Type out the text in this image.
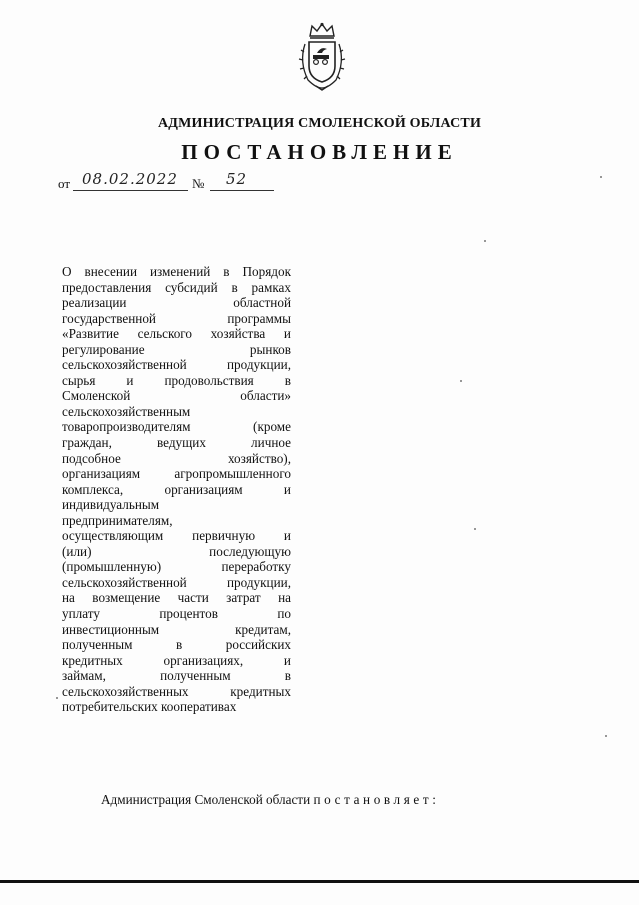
АДМИНИСТРАЦИЯ СМОЛЕНСКОЙ ОБЛАСТИ
ПОСТАНОВЛЕНИЕ
от 08.02.2022 № 52
О внесении изменений в Порядок
предоставления субсидий в рамках
реализации областной
государственной программы
«Развитие сельского хозяйства и
регулирование рынков
сельскохозяйственной продукции,
сырья и продовольствия в
Смоленской области»
сельскохозяйственным
товаропроизводителям (кроме
граждан, ведущих личное
подсобное хозяйство),
организациям агропромышленного
комплекса, организациям и
индивидуальным
предпринимателям,
осуществляющим первичную и
(или) последующую
(промышленную) переработку
сельскохозяйственной продукции,
на возмещение части затрат на
уплату процентов по
инвестиционным кредитам,
полученным в российских
кредитных организациях, и
займам, полученным в
сельскохозяйственных кредитных
потребительских кооперативах
Администрация Смоленской области постановляет:
